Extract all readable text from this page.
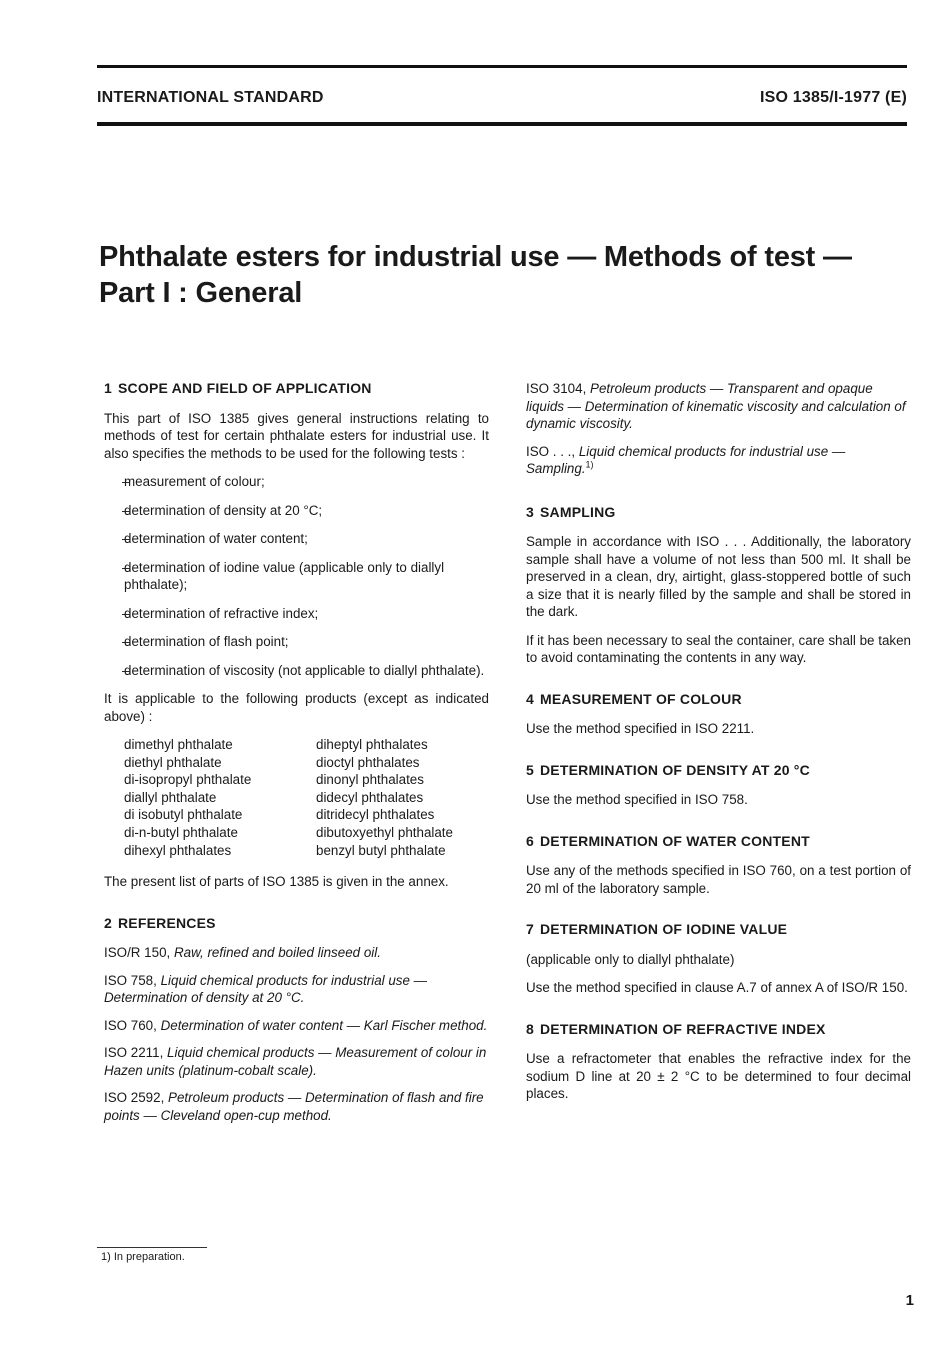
INTERNATIONAL STANDARD	ISO 1385/I-1977 (E)
Phthalate esters for industrial use — Methods of test —
Part I : General
1 SCOPE AND FIELD OF APPLICATION

This part of ISO 1385 gives general instructions relating to methods of test for certain phthalate esters for industrial use. It also specifies the methods to be used for the following tests :

– measurement of colour;
– determination of density at 20 °C;
– determination of water content;
– determination of iodine value (applicable only to diallyl phthalate);
– determination of refractive index;
– determination of flash point;
– determination of viscosity (not applicable to diallyl phthalate).

It is applicable to the following products (except as indicated above) :

dimethyl phthalate	diheptyl phthalates
diethyl phthalate	dioctyl phthalates
di-isopropyl phthalate	dinonyl phthalates
diallyl phthalate	didecyl phthalates
di isobutyl phthalate	ditridecyl phthalates
di-n-butyl phthalate	dibutoxyethyl phthalate
dihexyl phthalates	benzyl butyl phthalate

The present list of parts of ISO 1385 is given in the annex.

2 REFERENCES

ISO/R 150, Raw, refined and boiled linseed oil.

ISO 758, Liquid chemical products for industrial use — Determination of density at 20 °C.

ISO 760, Determination of water content — Karl Fischer method.

ISO 2211, Liquid chemical products — Measurement of colour in Hazen units (platinum-cobalt scale).

ISO 2592, Petroleum products — Determination of flash and fire points — Cleveland open-cup method.

ISO 3104, Petroleum products — Transparent and opaque liquids — Determination of kinematic viscosity and calculation of dynamic viscosity.

ISO . . ., Liquid chemical products for industrial use — Sampling.$^{1)}$

3 SAMPLING

Sample in accordance with ISO . . . Additionally, the laboratory sample shall have a volume of not less than 500 ml. It shall be preserved in a clean, dry, airtight, glass-stoppered bottle of such a size that it is nearly filled by the sample and shall be stored in the dark.

If it has been necessary to seal the container, care shall be taken to avoid contaminating the contents in any way.

4 MEASUREMENT OF COLOUR

Use the method specified in ISO 2211.

5 DETERMINATION OF DENSITY AT 20 °C

Use the method specified in ISO 758.

6 DETERMINATION OF WATER CONTENT

Use any of the methods specified in ISO 760, on a test portion of 20 ml of the laboratory sample.

7 DETERMINATION OF IODINE VALUE

(applicable only to diallyl phthalate)

Use the method specified in clause A.7 of annex A of ISO/R 150.

8 DETERMINATION OF REFRACTIVE INDEX

Use a refractometer that enables the refractive index for the sodium D line at 20 ± 2 °C to be determined to four decimal places.

1) In preparation.
1
